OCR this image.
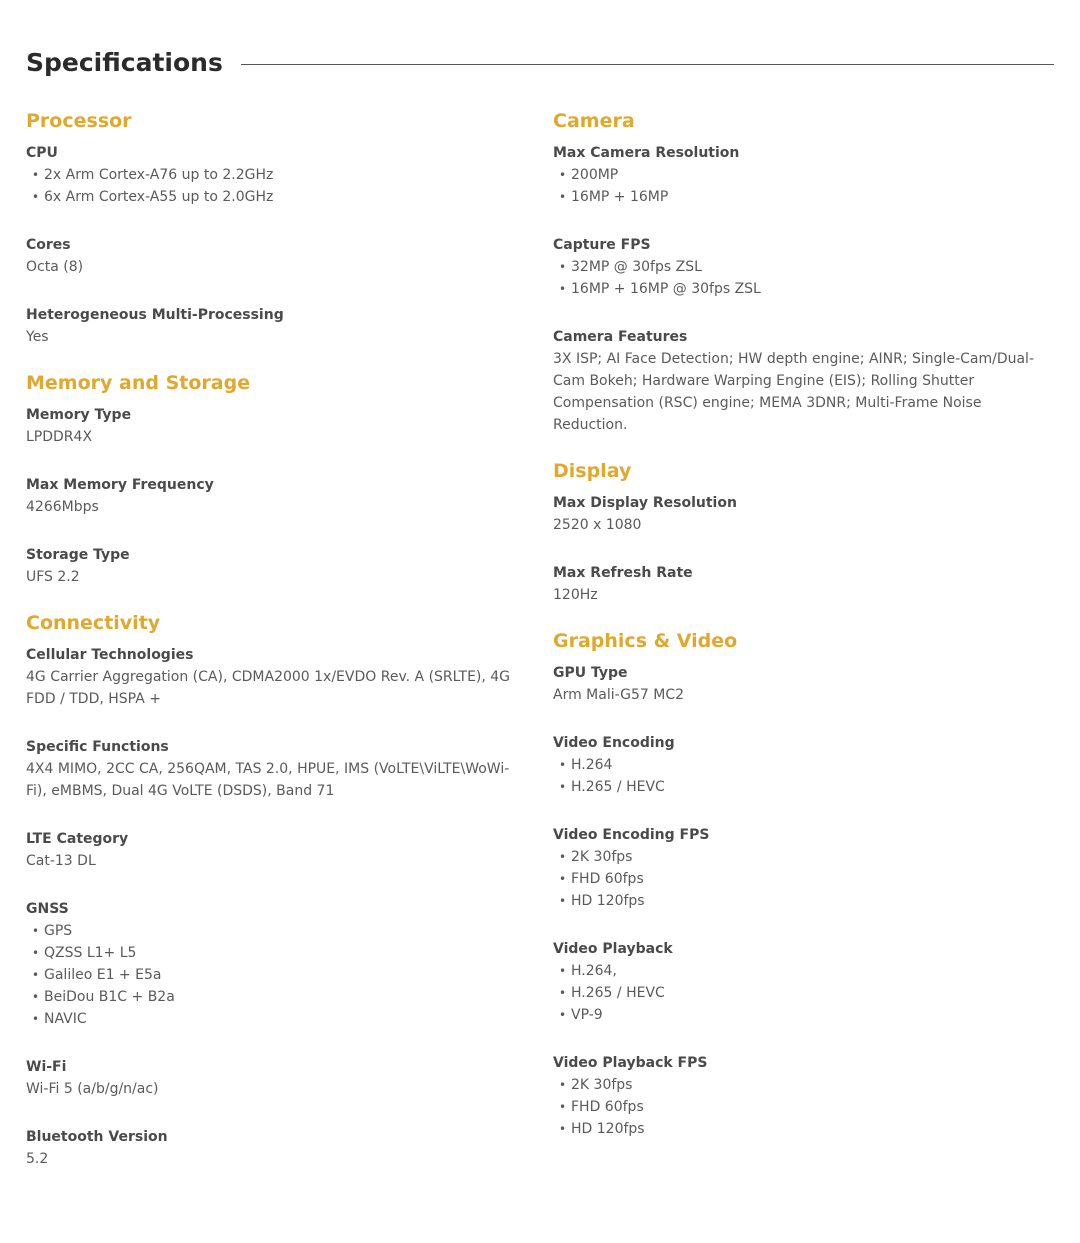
Specifications
Processor
CPU
• 2x Arm Cortex-A76 up to 2.2GHz
• 6x Arm Cortex-A55 up to 2.0GHz
Cores
Octa (8)
Heterogeneous Multi-Processing
Yes
Memory and Storage
Memory Type
LPDDR4X
Max Memory Frequency
4266Mbps
Storage Type
UFS 2.2
Connectivity
Cellular Technologies
4G Carrier Aggregation (CA), CDMA2000 1x/EVDO Rev. A (SRLTE), 4G FDD / TDD, HSPA +
Specific Functions
4X4 MIMO, 2CC CA, 256QAM, TAS 2.0, HPUE, IMS (VoLTE\ViLTE\WoWi-Fi), eMBMS, Dual 4G VoLTE (DSDS), Band 71
LTE Category
Cat-13 DL
GNSS
• GPS
• QZSS L1+ L5
• Galileo E1 + E5a
• BeiDou B1C + B2a
• NAVIC
Wi-Fi
Wi-Fi 5 (a/b/g/n/ac)
Bluetooth Version
5.2
Camera
Max Camera Resolution
• 200MP
• 16MP + 16MP
Capture FPS
• 32MP @ 30fps ZSL
• 16MP + 16MP @ 30fps ZSL
Camera Features
3X ISP; AI Face Detection; HW depth engine; AINR; Single-Cam/Dual-Cam Bokeh; Hardware Warping Engine (EIS); Rolling Shutter Compensation (RSC) engine; MEMA 3DNR; Multi-Frame Noise Reduction.
Display
Max Display Resolution
2520 x 1080
Max Refresh Rate
120Hz
Graphics & Video
GPU Type
Arm Mali-G57 MC2
Video Encoding
• H.264
• H.265 / HEVC
Video Encoding FPS
• 2K 30fps
• FHD 60fps
• HD 120fps
Video Playback
• H.264,
• H.265 / HEVC
• VP-9
Video Playback FPS
• 2K 30fps
• FHD 60fps
• HD 120fps
